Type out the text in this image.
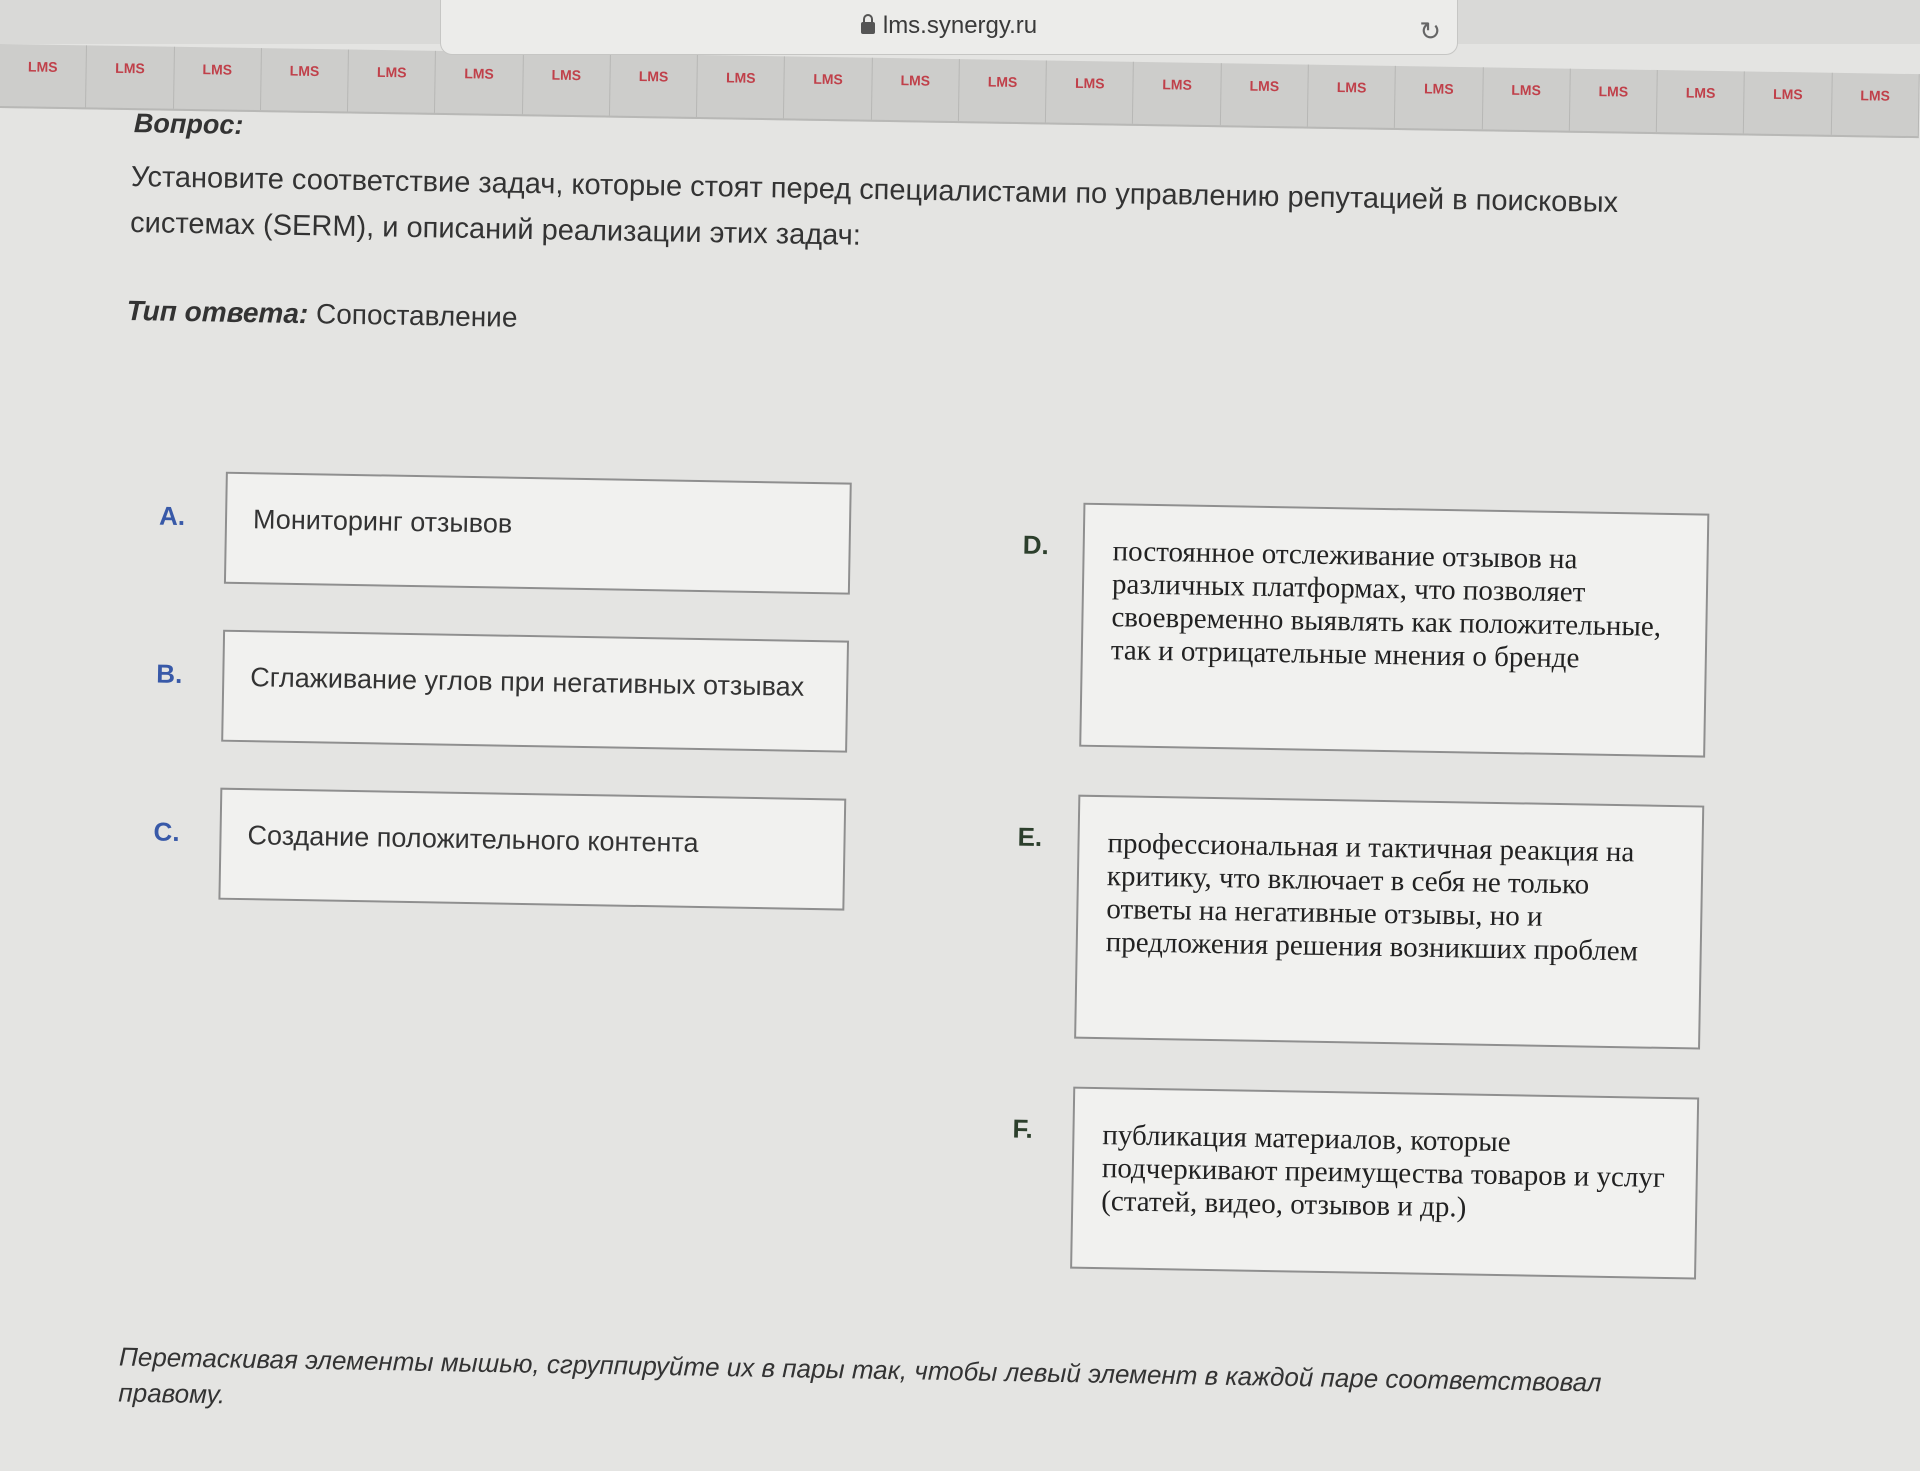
LMS	LMS	LMS	LMS	LMS	LMS	LMS	LMS	LMS	LMS	LMS	LMS	LMS	LMS	LMS	LMS	LMS	LMS	LMS	LMS	LMS	LMS
lms.synergy.ru	↻
Вопрос:
Установите соответствие задач, которые стоят перед специалистами по управлению репутацией в поисковых системах (SERM), и описаний реализации этих задач:
Тип ответа: Сопоставление
A. Мониторинг отзывов
B. Сглаживание углов при негативных отзывах
C. Создание положительного контента
D. постоянное отслеживание отзывов на различных платформах, что позволяет своевременно выявлять как положительные, так и отрицательные мнения о бренде
E. профессиональная и тактичная реакция на критику, что включает в себя не только ответы на негативные отзывы, но и предложения решения возникших проблем
F. публикация материалов, которые подчеркивают преимущества товаров и услуг (статей, видео, отзывов и др.)
Перетаскивая элементы мышью, сгруппируйте их в пары так, чтобы левый элемент в каждой паре соответствовал правому.
